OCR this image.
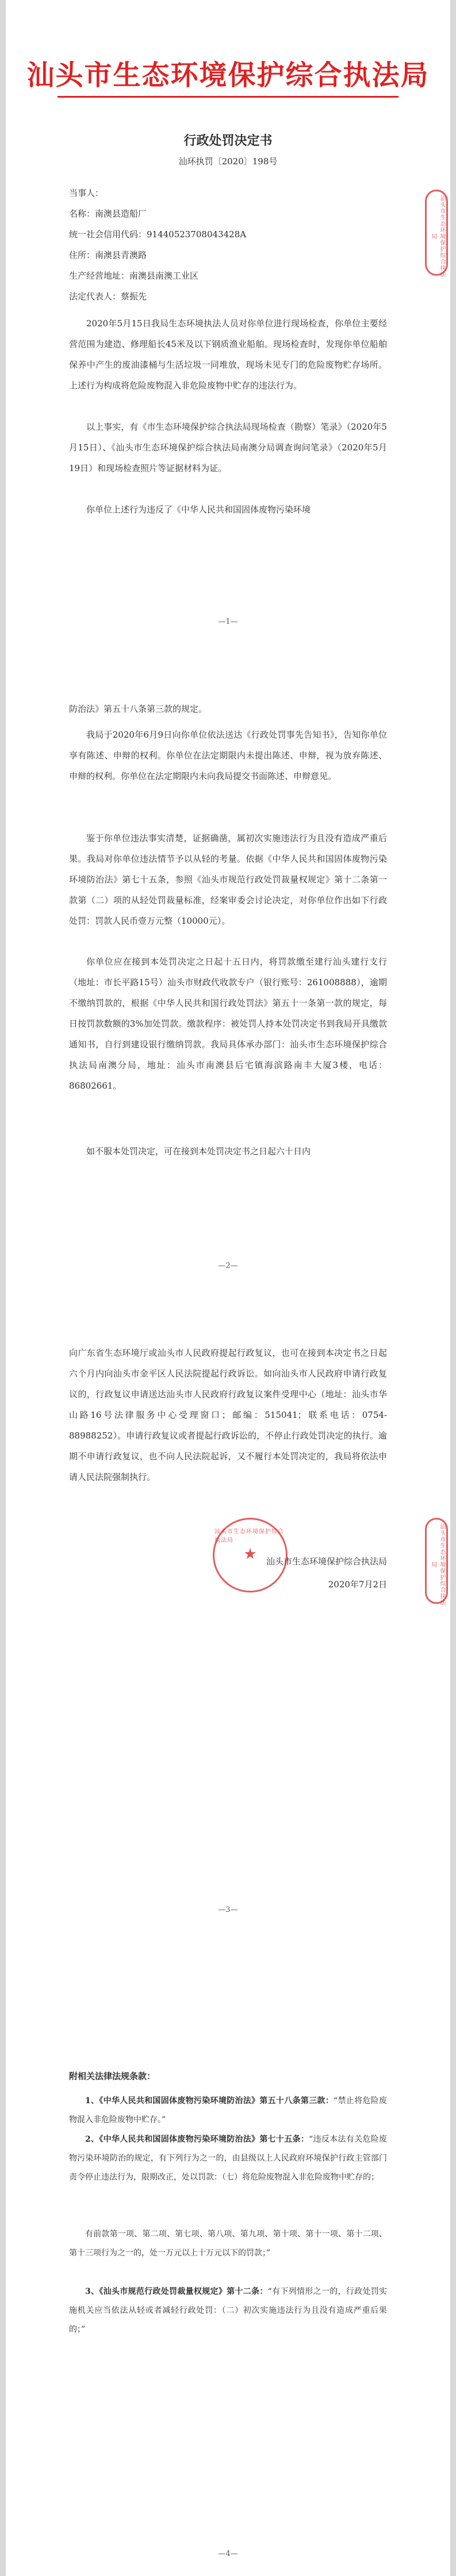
汕头市生态环境保护综合执法局
行政处罚决定书
汕环执罚〔2020〕198号
当事人：
名称：南澳县造船厂
统一社会信用代码：91440523708043428A
住所：南澳县青澳路
生产经营地址：南澳县南澳工业区
法定代表人：蔡振先

2020年5月15日我局生态环境执法人员对你单位进行现场检查，你单位主要经营范围为建造、修理船长45米及以下钢质渔业船舶。现场检查时，发现你单位船舶保养中产生的废油漆桶与生活垃圾一同堆放，现场未见专门的危险废物贮存场所。上述行为构成将危险废物混入非危险废物中贮存的违法行为。

以上事实，有《市生态环境保护综合执法局现场检查（勘察）笔录》（2020年5月15日）、《汕头市生态环境保护综合执法局南澳分局调查询问笔录》（2020年5月19日）和现场检查照片等证据材料为证。

你单位上述行为违反了《中华人民共和国固体废物污染环境

汕头市生态环境保护综合执法局
—1—

防治法》第五十八条第三款的规定。

我局于2020年6月9日向你单位依法送达《行政处罚事先告知书》，告知你单位享有陈述、申辩的权利。你单位在法定期限内未提出陈述、申辩，视为放弃陈述、申辩的权利。你单位在法定期限内未向我局提交书面陈述、申辩意见。

鉴于你单位违法事实清楚，证据确凿，属初次实施违法行为且没有造成严重后果。我局对你单位违法情节予以从轻的考量。依据《中华人民共和国固体废物污染环境防治法》第七十五条，参照《汕头市规范行政处罚裁量权规定》第十二条第一款第（二）项的从轻处罚裁量标准，经案审委会讨论决定，对你单位作出如下行政处罚：罚款人民币壹万元整（10000元）。

你单位应在接到本处罚决定之日起十五日内，将罚款缴至建行汕头建行支行（地址：市长平路15号）汕头市财政代收款专户（银行账号：261008888），逾期不缴纳罚款的，根据《中华人民共和国行政处罚法》第五十一条第一款的规定，每日按罚款数额的3%加处罚款。缴款程序：被处罚人持本处罚决定书到我局开具缴款通知书，自行到建设银行缴纳罚款。我局具体承办部门：汕头市生态环境保护综合执法局南澳分局，地址：汕头市南澳县后宅镇海滨路南丰大厦3楼，电话：86802661。

如不服本处罚决定，可在接到本处罚决定书之日起六十日内

—2—

向广东省生态环境厅或汕头市人民政府提起行政复议，也可在接到本决定书之日起六个月内向汕头市金平区人民法院提起行政诉讼。如向汕头市人民政府申请行政复议的，行政复议申请送达汕头市人民政府行政复议案件受理中心（地址：汕头市华山路16号法律服务中心受理窗口；邮编：515041；联系电话：0754-88988252）。申请行政复议或者提起行政诉讼的，不停止行政处罚决定的执行。逾期不申请行政复议，也不向人民法院起诉，又不履行本处罚决定的，我局将依法申请人民法院强制执行。

汕头市生态环境保护综合执法局
★	汕头市生态环境保护综合执法局
2020年7月2日	汕头市生态环境保护综合执法局
—3—
附相关法律法规条款：

1、《中华人民共和国固体废物污染环境防治法》第五十八条第三款：“禁止将危险废物混入非危险废物中贮存。”

2、《中华人民共和国固体废物污染环境防治法》第七十五条：“违反本法有关危险废物污染环境防治的规定，有下列行为之一的，由县级以上人民政府环境保护行政主管部门责令停止违法行为，限期改正，处以罚款：（七）将危险废物混入非危险废物中贮存的；

有前款第一项、第二项、第七项、第八项、第九项、第十项、第十一项、第十二项、第十三项行为之一的，处一万元以上十万元以下的罚款；”

3、《汕头市规范行政处罚裁量权规定》第十二条：“有下列情形之一的，行政处罚实施机关应当依法从轻或者减轻行政处罚：（二）初次实施违法行为且没有造成严重后果的；”

—4—
